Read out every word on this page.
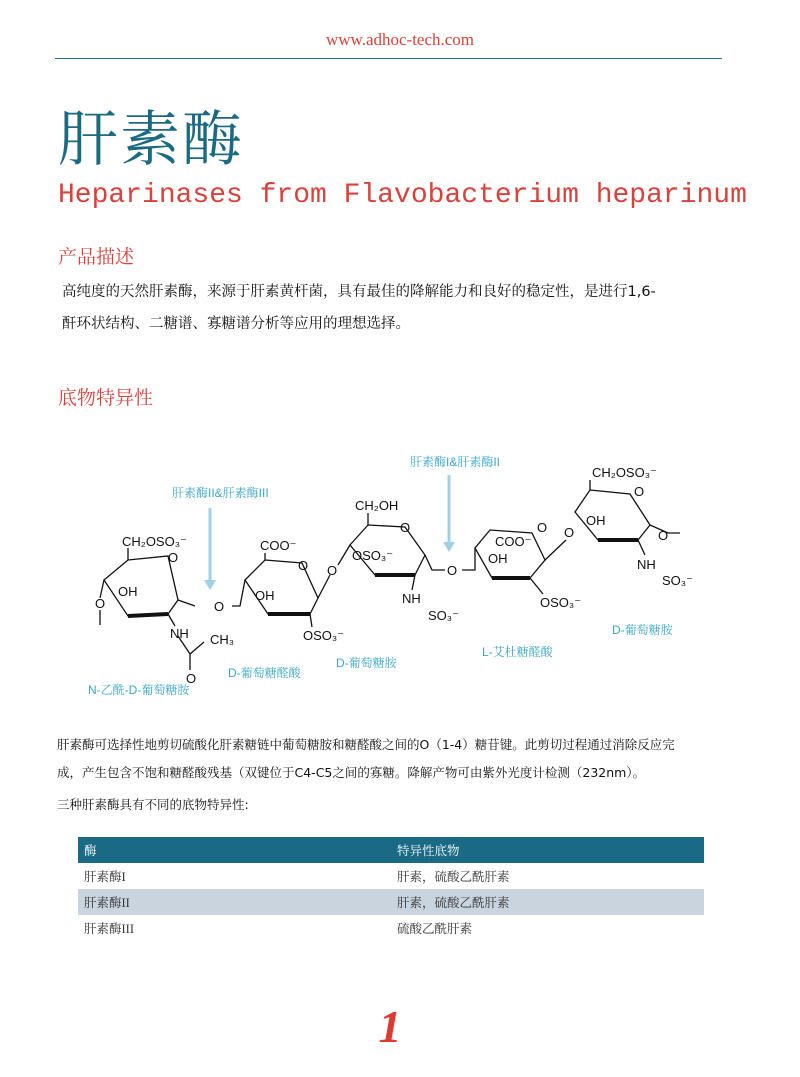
www.adhoc-tech.com
肝素酶
Heparinases from Flavobacterium heparinum
产品描述
高纯度的天然肝素酶，来源于肝素黄杆菌，具有最佳的降解能力和良好的稳定性，是进行1,6-
酐环状结构、二糖谱、寡糖谱分析等应用的理想选择。
底物特异性
肝素酶II&肝素酶III
肝素酶I&肝素酶II
CH₂OSO₃⁻
O
OH
O
NH CH₃
O
O
COO⁻
O
OH
OSO₃⁻
O
CH₂OH
O
OSO₃⁻
NH
SO₃⁻
O
COO⁻
O
OH
OSO₃⁻
O
CH₂OSO₃⁻
O
OH
O
NH
SO₃⁻
N-乙酰-D-葡萄糖胺
D-葡萄糖醛酸
D-葡萄糖胺
L-艾杜糖醛酸
D-葡萄糖胺
肝素酶可选择性地剪切硫酸化肝素糖链中葡萄糖胺和糖醛酸之间的O（1-4）糖苷键。此剪切过程通过消除反应完
成，产生包含不饱和糖醛酸残基（双键位于C4-C5之间的寡糖。降解产物可由紫外光度计检测（232nm）。
三种肝素酶具有不同的底物特异性:
酶	特异性底物
肝素酶I	肝素，硫酸乙酰肝素
肝素酶II	肝素，硫酸乙酰肝素
肝素酶III	硫酸乙酰肝素
1
